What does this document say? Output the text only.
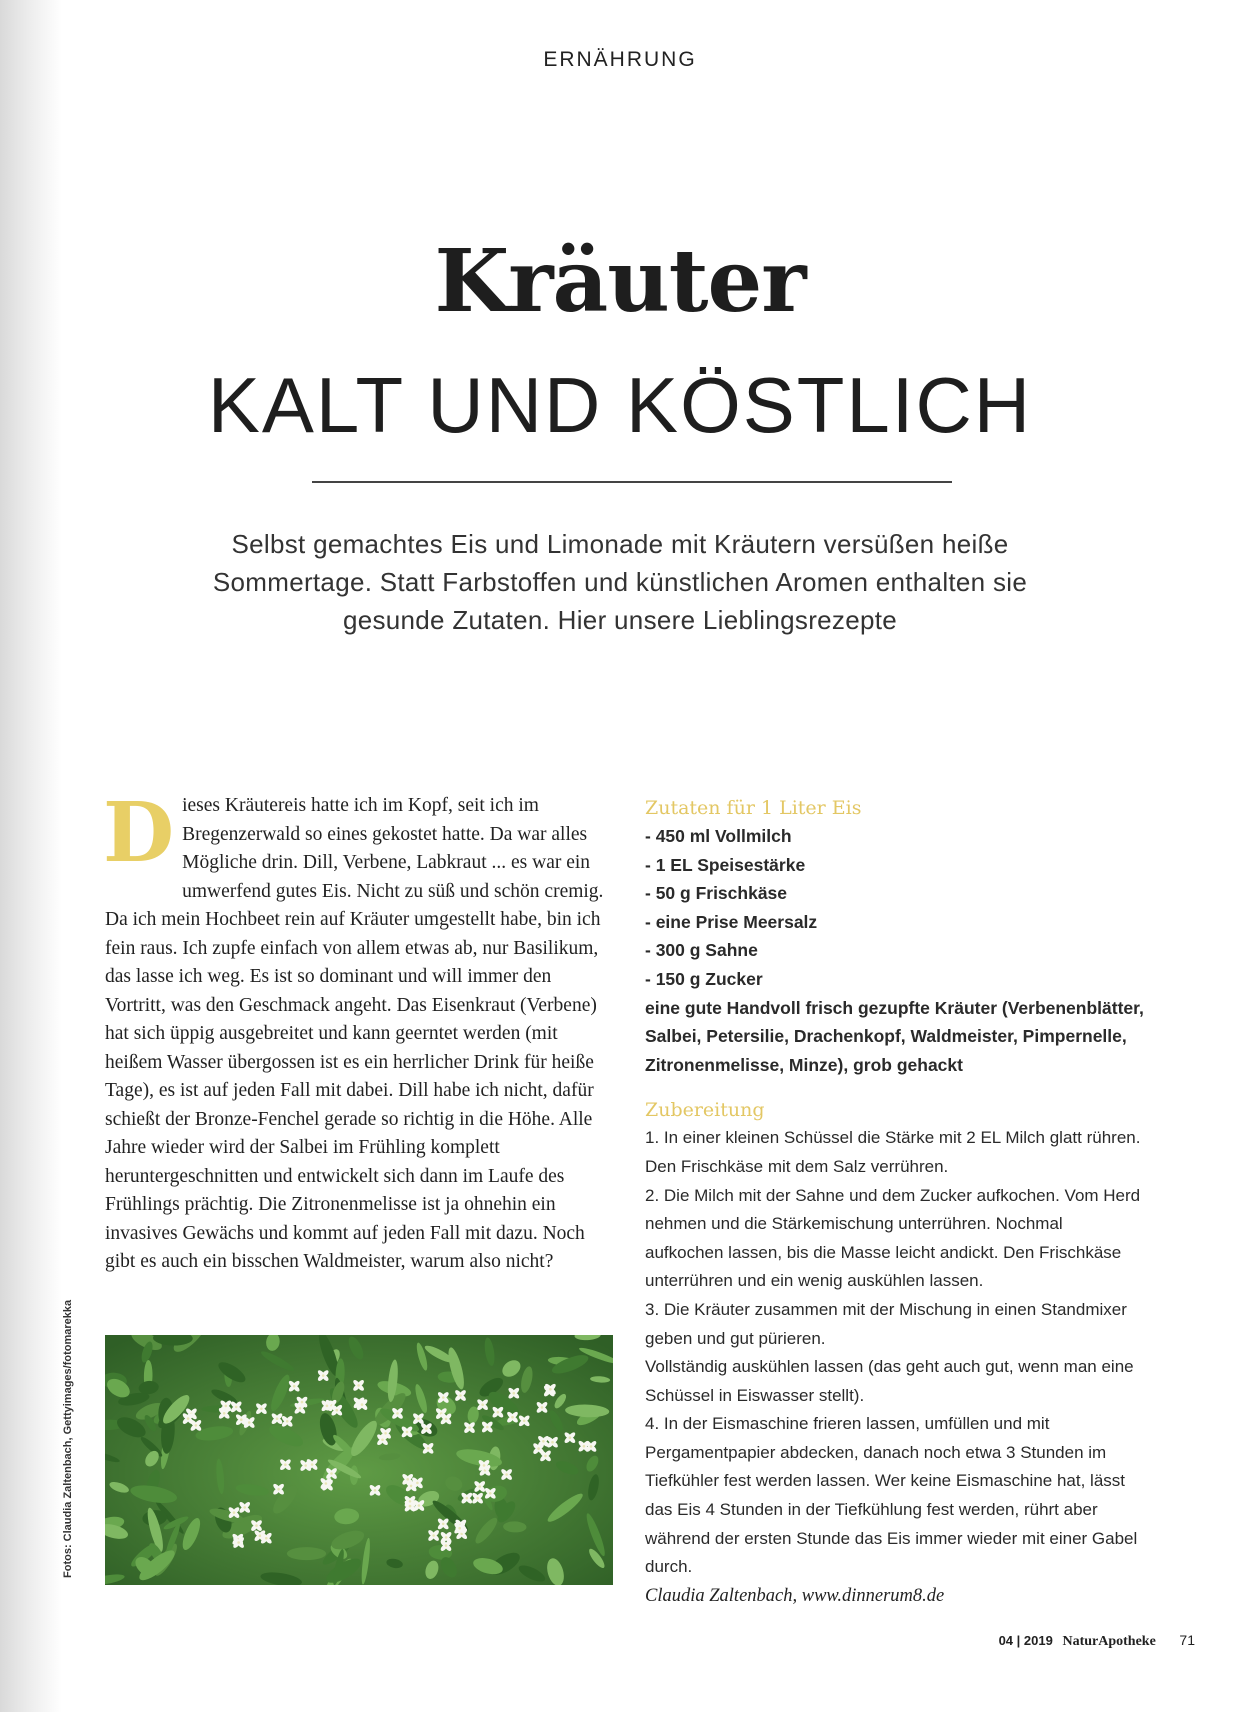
ERNÄHRUNG
Kräuter
KALT UND KÖSTLICH
Selbst gemachtes Eis und Limonade mit Kräutern versüßen heiße Sommertage. Statt Farbstoffen und künstlichen Aromen enthalten sie gesunde Zutaten. Hier unsere Lieblingsrezepte

Dieses Kräutereis hatte ich im Kopf, seit ich im Bregenzerwald so eines gekostet hatte. Da war alles Mögliche drin. Dill, Verbene, Labkraut ... es war ein umwerfend gutes Eis. Nicht zu süß und schön cremig.

Da ich mein Hochbeet rein auf Kräuter umgestellt habe, bin ich fein raus. Ich zupfe einfach von allem etwas ab, nur Basilikum, das lasse ich weg. Es ist so dominant und will immer den Vortritt, was den Geschmack angeht. Das Eisenkraut (Verbene) hat sich üppig ausgebreitet und kann geerntet werden (mit heißem Wasser übergossen ist es ein herrlicher Drink für heiße Tage), es ist auf jeden Fall mit dabei. Dill habe ich nicht, dafür schießt der Bronze-Fenchel gerade so richtig in die Höhe. Alle Jahre wieder wird der Salbei im Frühling komplett heruntergeschnitten und entwickelt sich dann im Laufe des Frühlings prächtig. Die Zitronenmelisse ist ja ohnehin ein invasives Gewächs und kommt auf jeden Fall mit dazu. Noch gibt es auch ein bisschen Waldmeister, warum also nicht?

Fotos: Claudia Zaltenbach, Gettyimages/fotomarekka
Zutaten für 1 Liter Eis
- 450 ml Vollmilch
- 1 EL Speisestärke
- 50 g Frischkäse
- eine Prise Meersalz
- 300 g Sahne
- 150 g Zucker

eine gute Handvoll frisch gezupfte Kräuter (Verbenenblätter, Salbei, Petersilie, Drachenkopf, Waldmeister, Pimpernelle, Zitronenmelisse, Minze), grob gehackt

Zubereitung

1. In einer kleinen Schüssel die Stärke mit 2 EL Milch glatt rühren. Den Frischkäse mit dem Salz verrühren.

2. Die Milch mit der Sahne und dem Zucker aufkochen. Vom Herd nehmen und die Stärkemischung unterrühren. Nochmal aufkochen lassen, bis die Masse leicht andickt. Den Frischkäse unterrühren und ein wenig auskühlen lassen.

3. Die Kräuter zusammen mit der Mischung in einen Standmixer geben und gut pürieren.

Vollständig auskühlen lassen (das geht auch gut, wenn man eine Schüssel in Eiswasser stellt).

4. In der Eismaschine frieren lassen, umfüllen und mit Pergamentpapier abdecken, danach noch etwa 3 Stunden im Tiefkühler fest werden lassen. Wer keine Eismaschine hat, lässt das Eis 4 Stunden in der Tiefkühlung fest werden, rührt aber während der ersten Stunde das Eis immer wieder mit einer Gabel durch.

Claudia Zaltenbach, www.dinnerum8.de

04 | 2019 NaturApotheke 71
